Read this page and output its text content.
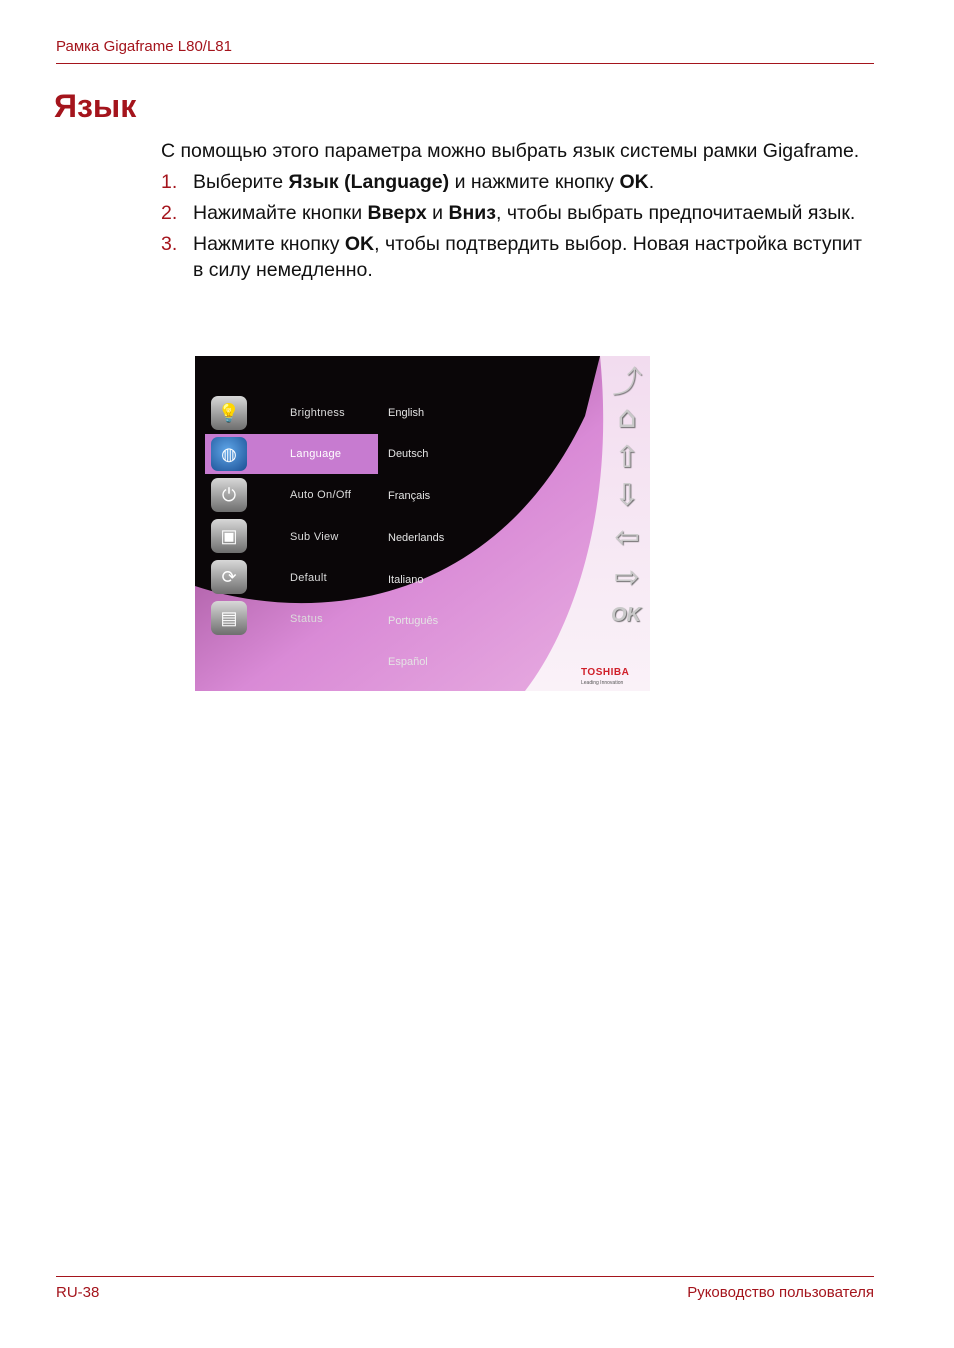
Рамка Gigaframe L80/L81
Язык

С помощью этого параметра можно выбрать язык системы рамки Gigaframe.

1. Выберите Язык (Language) и нажмите кнопку OK.
2. Нажимайте кнопки Вверх и Вниз, чтобы выбрать предпочитаемый язык.
3. Нажмите кнопку OK, чтобы подтвердить выбор. Новая настройка вступит в силу немедленно.
💡
◍
⏻
▣
⟳
▤
Brightness
Language
Auto On/Off
Sub View
Default
Status
English
Deutsch
Français
Nederlands
Italiano
Português
Español
⤴
⌂
⇧
⇩
⇦
⇨
OK
TOSHIBA
Leading Innovation
RU-38	Руководство пользователя
